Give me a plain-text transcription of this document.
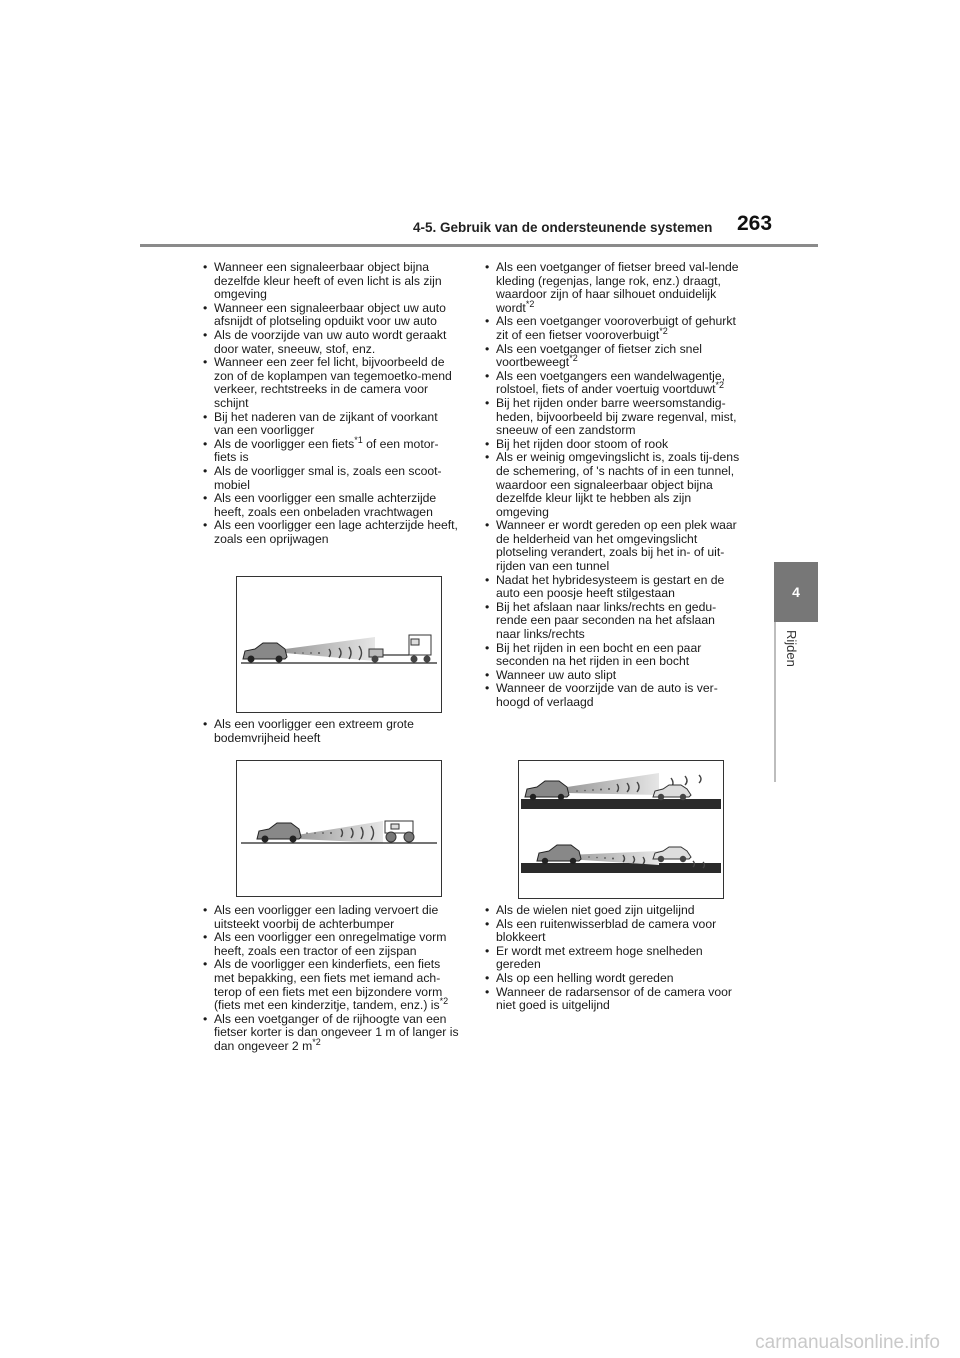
4-5. Gebruik van de ondersteunende systemen 263
4
Rijden
• Wanneer een signaleerbaar object bijna dezelfde kleur heeft of even licht is als zijn omgeving
• Wanneer een signaleerbaar object uw auto afsnijdt of plotseling opduikt voor uw auto
• Als de voorzijde van uw auto wordt geraakt door water, sneeuw, stof, enz.
• Wanneer een zeer fel licht, bijvoorbeeld de zon of de koplampen van tegemoetko-mend verkeer, rechtstreeks in de camera voor schijnt
• Bij het naderen van de zijkant of voorkant van een voorligger
• Als de voorligger een fiets$^{*1}$ of een motor-fiets is
• Als de voorligger smal is, zoals een scoot-mobiel
• Als een voorligger een smalle achterzijde heeft, zoals een onbeladen vrachtwagen
• Als een voorligger een lage achterzijde heeft, zoals een oprijwagen
• Als een voorligger een extreem grote bodemvrijheid heeft
• Als een voorligger een lading vervoert die uitsteekt voorbij de achterbumper
• Als een voorligger een onregelmatige vorm heeft, zoals een tractor of een zijspan
• Als de voorligger een kinderfiets, een fiets met bepakking, een fiets met iemand ach-terop of een fiets met een bijzondere vorm (fiets met een kinderzitje, tandem, enz.) $is^{*2}$
• Als een voetganger of de rijhoogte van een fietser korter is dan ongeveer 1 m of langer is dan ongeveer 2 $m^{*2}$
• Als een voetganger of fietser breed val-lende kleding (regenjas, lange rok, enz.) draagt, waardoor zijn of haar silhouet onduidelijk wordt$^{*2}$
• Als een voetganger vooroverbuigt of gehurkt zit of een fietser vooroverbuigt$^{*2}$
• Als een voetganger of fietser zich snel voortbeweegt$^{*2}$
• Als een voetgangers een wandelwagentje, rolstoel, fiets of ander voertuig voortduwt$^{*2}$
• Bij het rijden onder barre weersomstandig-heden, bijvoorbeeld bij zware regenval, mist, sneeuw of een zandstorm
• Bij het rijden door stoom of rook
• Als er weinig omgevingslicht is, zoals tij-dens de schemering, of 's nachts of in een tunnel, waardoor een signaleerbaar object bijna dezelfde kleur lijkt te hebben als zijn omgeving
• Wanneer er wordt gereden op een plek waar de helderheid van het omgevingslicht plotseling verandert, zoals bij het in- of uit-rijden van een tunnel
• Nadat het hybridesysteem is gestart en de auto een poosje heeft stilgestaan
• Bij het afslaan naar links/rechts en gedu-rende een paar seconden na het afslaan naar links/rechts
• Bij het rijden in een bocht en een paar seconden na het rijden in een bocht
• Wanneer uw auto slipt
• Wanneer de voorzijde van de auto is ver-hoogd of verlaagd
• Als de wielen niet goed zijn uitgelijnd
• Als een ruitenwisserblad de camera voor blokkeert
• Er wordt met extreem hoge snelheden gereden
• Als op een helling wordt gereden
• Wanneer de radarsensor of de camera voor niet goed is uitgelijnd
carmanualsonline.info
